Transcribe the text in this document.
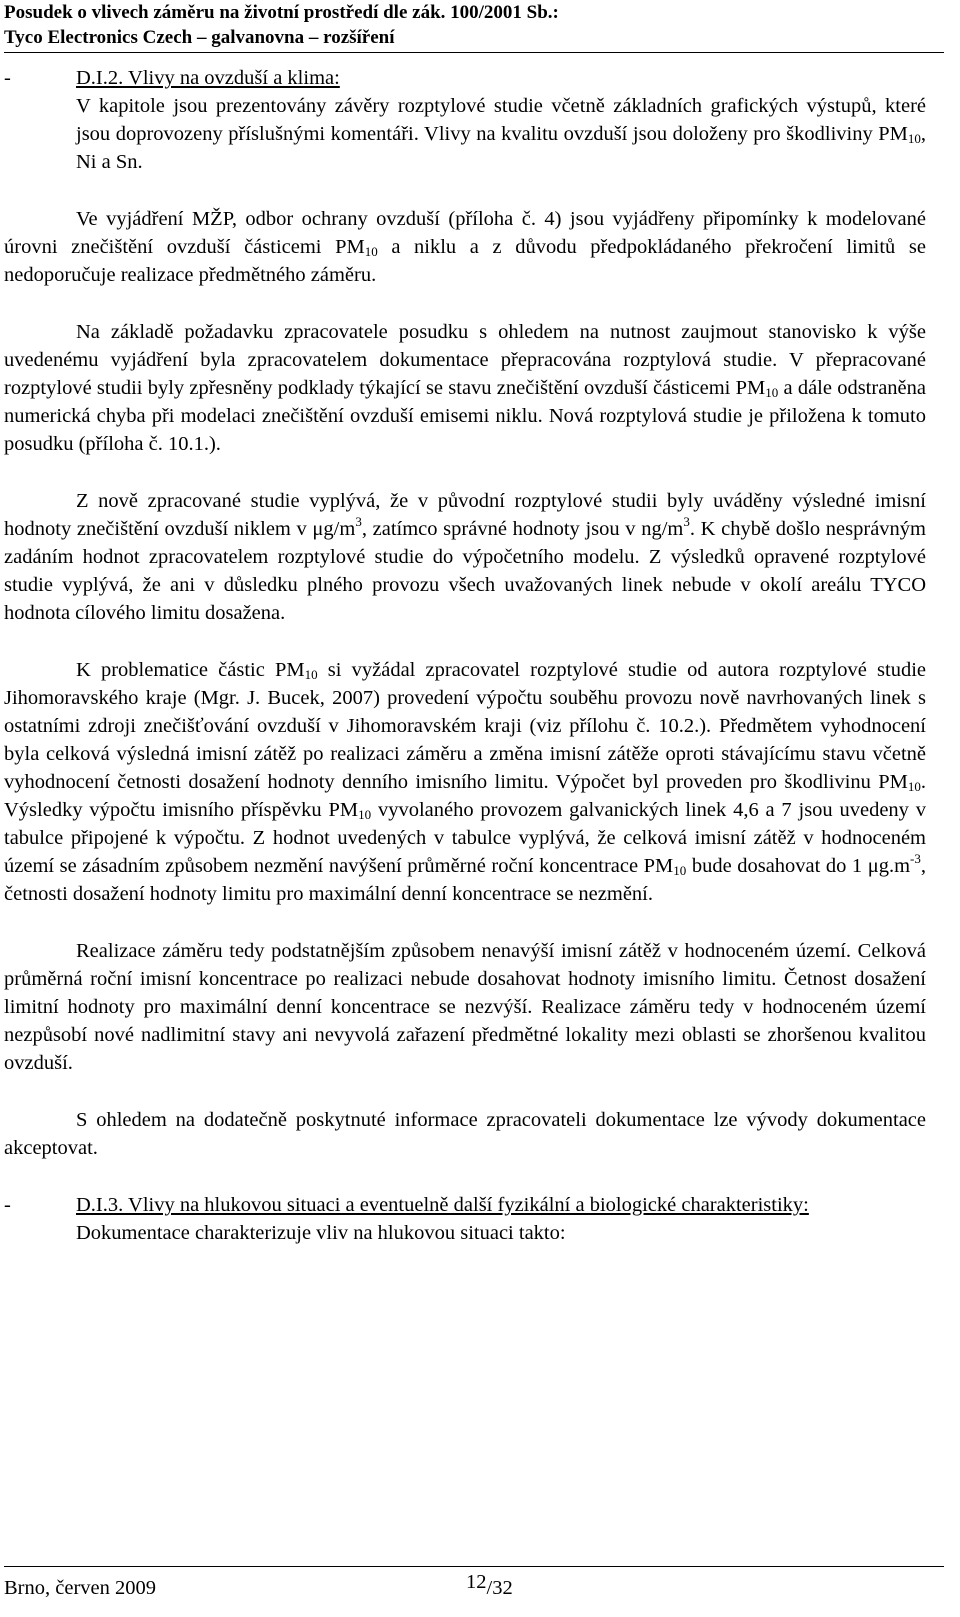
Posudek o vlivech záměru na životní prostředí dle zák. 100/2001 Sb.:
Tyco Electronics Czech – galvanovna – rozšíření
-	D.I.2. Vlivy na ovzduší a klima:

V kapitole jsou prezentovány závěry rozptylové studie včetně základních grafických výstupů, které jsou doprovozeny příslušnými komentáři. Vlivy na kvalitu ovzduší jsou doloženy pro škodliviny $PM_{10}$, Ni a Sn.

Ve vyjádření MŽP, odbor ochrany ovzduší (příloha č. 4) jsou vyjádřeny připomínky k modelované úrovni znečištění ovzduší částicemi $PM_{10}$ a niklu a z důvodu předpokládaného překročení limitů se nedoporučuje realizace předmětného záměru.

Na základě požadavku zpracovatele posudku s ohledem na nutnost zaujmout stanovisko k výše uvedenému vyjádření byla zpracovatelem dokumentace přepracována rozptylová studie. V přepracované rozptylové studii byly zpřesněny podklady týkající se stavu znečištění ovzduší částicemi $PM_{10}$ a dále odstraněna numerická chyba při modelaci znečištění ovzduší emisemi niklu. Nová rozptylová studie je přiložena k tomuto posudku (příloha č. 10.1.).

Z nově zpracované studie vyplývá, že v původní rozptylové studii byly uváděny výsledné imisní hodnoty znečištění ovzduší niklem v $\mu g/m^3$, zatímco správné hodnoty jsou v $ng/m^3$. K chybě došlo nesprávným zadáním hodnot zpracovatelem rozptylové studie do výpočetního modelu. Z výsledků opravené rozptylové studie vyplývá, že ani v důsledku plného provozu všech uvažovaných linek nebude v okolí areálu TYCO hodnota cílového limitu dosažena.

K problematice částic $PM_{10}$ si vyžádal zpracovatel rozptylové studie od autora rozptylové studie Jihomoravského kraje (Mgr. J. Bucek, 2007) provedení výpočtu souběhu provozu nově navrhovaných linek s ostatními zdroji znečišťování ovzduší v Jihomoravském kraji (viz přílohu č. 10.2.). Předmětem vyhodnocení byla celková výsledná imisní zátěž po realizaci záměru a změna imisní zátěže oproti stávajícímu stavu včetně vyhodnocení četnosti dosažení hodnoty denního imisního limitu. Výpočet byl proveden pro škodlivinu $PM_{10}$. Výsledky výpočtu imisního příspěvku $PM_{10}$ vyvolaného provozem galvanických linek 4,6 a 7 jsou uvedeny v tabulce připojené k výpočtu. Z hodnot uvedených v tabulce vyplývá, že celková imisní zátěž v hodnoceném území se zásadním způsobem nezmění navýšení průměrné roční koncentrace $PM_{10}$ bude dosahovat do 1 $\mu g.m^{-3}$, četnosti dosažení hodnoty limitu pro maximální denní koncentrace se nezmění.

Realizace záměru tedy podstatnějším způsobem nenavýší imisní zátěž v hodnoceném území. Celková průměrná roční imisní koncentrace po realizaci nebude dosahovat hodnoty imisního limitu. Četnost dosažení limitní hodnoty pro maximální denní koncentrace se nezvýší. Realizace záměru tedy v hodnoceném území nezpůsobí nové nadlimitní stavy ani nevyvolá zařazení předmětné lokality mezi oblasti se zhoršenou kvalitou ovzduší.

S ohledem na dodatečně poskytnuté informace zpracovateli dokumentace lze vývody dokumentace akceptovat.

-	D.I.3. Vlivy na hlukovou situaci a eventuelně další fyzikální a biologické charakteristiky:
Dokumentace charakterizuje vliv na hlukovou situaci takto:
Brno, červen 2009	12/32
